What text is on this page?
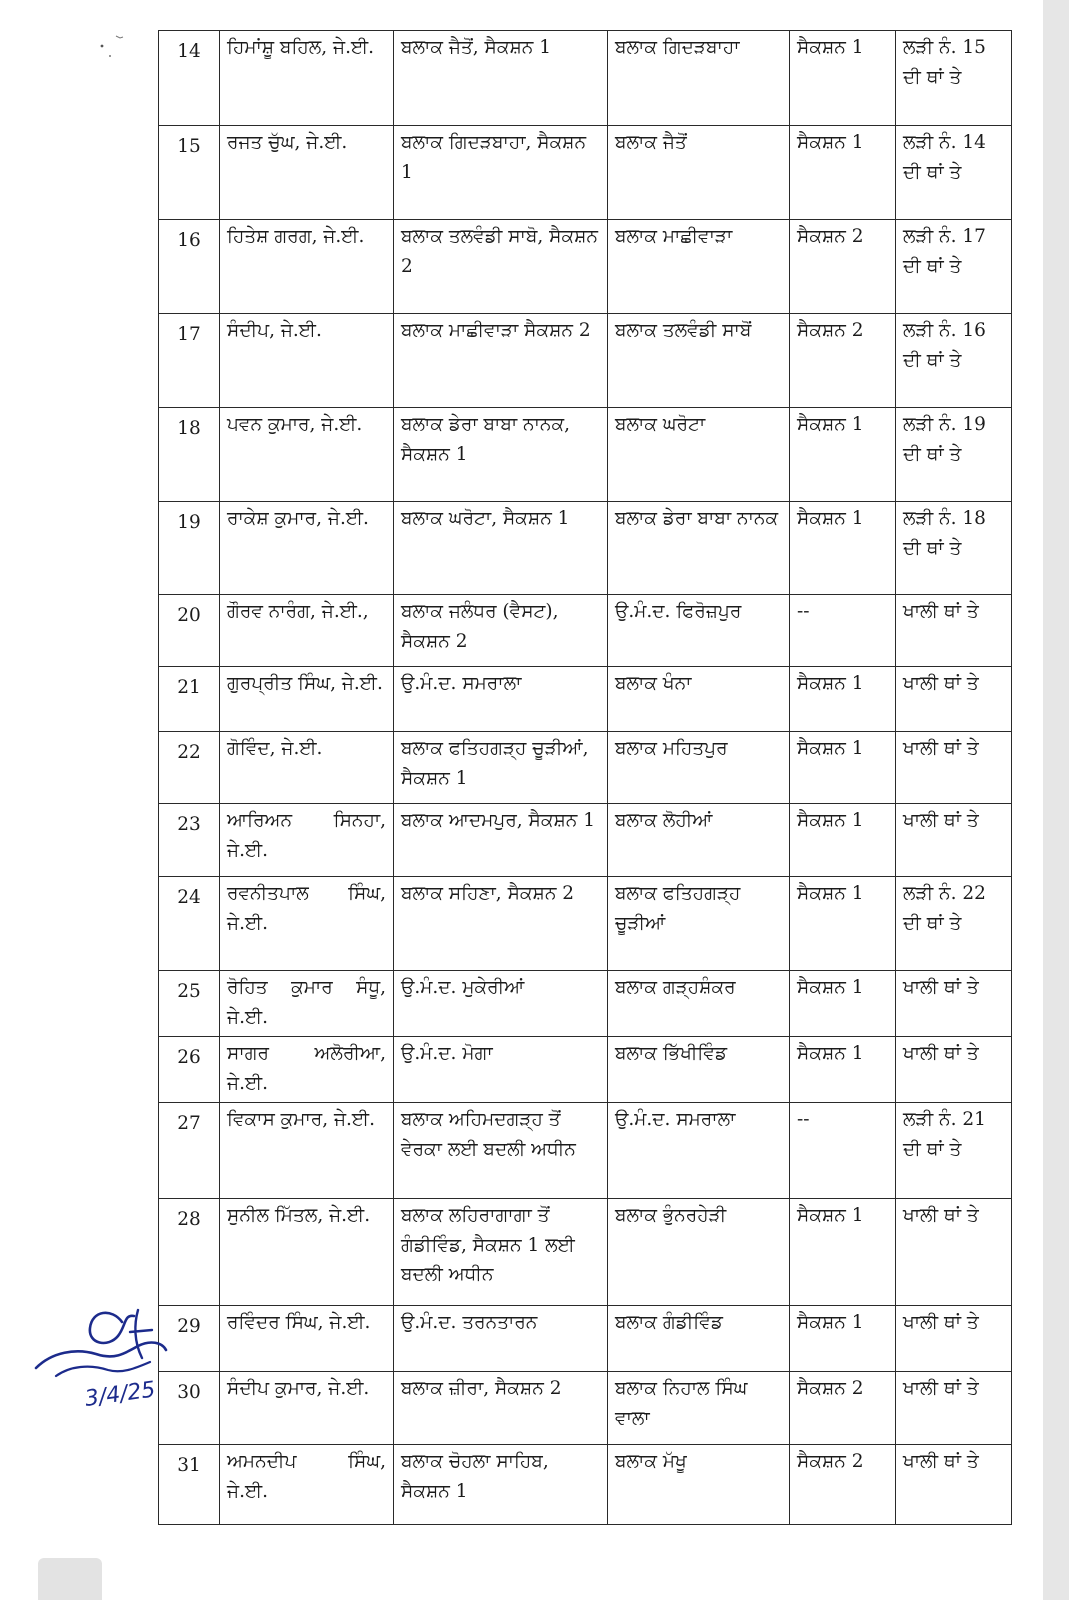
14	ਹਿਮਾਂਸ਼ੂ ਬਹਿਲ, ਜੇ.ਈ.	ਬਲਾਕ ਜੈਤੋਂ, ਸੈਕਸ਼ਨ 1	ਬਲਾਕ ਗਿਦੜਬਾਹਾ	ਸੈਕਸ਼ਨ 1	ਲੜੀ ਨੰ. 15 ਦੀ ਥਾਂ ਤੇ
15	ਰਜਤ ਚੁੱਘ, ਜੇ.ਈ.	ਬਲਾਕ ਗਿਦੜਬਾਹਾ, ਸੈਕਸ਼ਨ 1	ਬਲਾਕ ਜੈਤੋਂ	ਸੈਕਸ਼ਨ 1	ਲੜੀ ਨੰ. 14 ਦੀ ਥਾਂ ਤੇ
16	ਹਿਤੇਸ਼ ਗਰਗ, ਜੇ.ਈ.	ਬਲਾਕ ਤਲਵੰਡੀ ਸਾਬੋ, ਸੈਕਸ਼ਨ 2	ਬਲਾਕ ਮਾਛੀਵਾੜਾ	ਸੈਕਸ਼ਨ 2	ਲੜੀ ਨੰ. 17 ਦੀ ਥਾਂ ਤੇ
17	ਸੰਦੀਪ, ਜੇ.ਈ.	ਬਲਾਕ ਮਾਛੀਵਾੜਾ ਸੈਕਸ਼ਨ 2	ਬਲਾਕ ਤਲਵੰਡੀ ਸਾਬੋਂ	ਸੈਕਸ਼ਨ 2	ਲੜੀ ਨੰ. 16 ਦੀ ਥਾਂ ਤੇ
18	ਪਵਨ ਕੁਮਾਰ, ਜੇ.ਈ.	ਬਲਾਕ ਡੇਰਾ ਬਾਬਾ ਨਾਨਕ, ਸੈਕਸ਼ਨ 1	ਬਲਾਕ ਘਰੋਟਾ	ਸੈਕਸ਼ਨ 1	ਲੜੀ ਨੰ. 19 ਦੀ ਥਾਂ ਤੇ
19	ਰਾਕੇਸ਼ ਕੁਮਾਰ, ਜੇ.ਈ.	ਬਲਾਕ ਘਰੋਟਾ, ਸੈਕਸ਼ਨ 1	ਬਲਾਕ ਡੇਰਾ ਬਾਬਾ ਨਾਨਕ	ਸੈਕਸ਼ਨ 1	ਲੜੀ ਨੰ. 18 ਦੀ ਥਾਂ ਤੇ
20	ਗੌਰਵ ਨਾਰੰਗ, ਜੇ.ਈ.,	ਬਲਾਕ ਜਲੰਧਰ (ਵੈਸਟ), ਸੈਕਸ਼ਨ 2	ਉ.ਮੰ.ਦ. ਫਿਰੋਜ਼ਪੁਰ	--	ਖਾਲੀ ਥਾਂ ਤੇ
21	ਗੁਰਪ੍ਰੀਤ ਸਿੰਘ, ਜੇ.ਈ.	ਉ.ਮੰ.ਦ. ਸਮਰਾਲਾ	ਬਲਾਕ ਖੰਨਾ	ਸੈਕਸ਼ਨ 1	ਖਾਲੀ ਥਾਂ ਤੇ
22	ਗੋਵਿੰਦ, ਜੇ.ਈ.	ਬਲਾਕ ਫਤਿਹਗੜ੍ਹ ਚੂੜੀਆਂ, ਸੈਕਸ਼ਨ 1	ਬਲਾਕ ਮਹਿਤਪੁਰ	ਸੈਕਸ਼ਨ 1	ਖਾਲੀ ਥਾਂ ਤੇ
23	ਆਰਿਅਨ ਸਿਨਹਾ, ਜੇ.ਈ.	ਬਲਾਕ ਆਦਮਪੁਰ, ਸੈਕਸ਼ਨ 1	ਬਲਾਕ ਲੋਹੀਆਂ	ਸੈਕਸ਼ਨ 1	ਖਾਲੀ ਥਾਂ ਤੇ
24	ਰਵਨੀਤਪਾਲ ਸਿੰਘ, ਜੇ.ਈ.	ਬਲਾਕ ਸਹਿਣਾ, ਸੈਕਸ਼ਨ 2	ਬਲਾਕ ਫਤਿਹਗੜ੍ਹ ਚੂੜੀਆਂ	ਸੈਕਸ਼ਨ 1	ਲੜੀ ਨੰ. 22 ਦੀ ਥਾਂ ਤੇ
25	ਰੋਹਿਤ ਕੁਮਾਰ ਸੰਧੂ, ਜੇ.ਈ.	ਉ.ਮੰ.ਦ. ਮੁਕੇਰੀਆਂ	ਬਲਾਕ ਗੜ੍ਹਸ਼ੰਕਰ	ਸੈਕਸ਼ਨ 1	ਖਾਲੀ ਥਾਂ ਤੇ
26	ਸਾਗਰ ਅਲੋਰੀਆ, ਜੇ.ਈ.	ਉ.ਮੰ.ਦ. ਮੋਗਾ	ਬਲਾਕ ਭਿੱਖੀਵਿੰਡ	ਸੈਕਸ਼ਨ 1	ਖਾਲੀ ਥਾਂ ਤੇ
27	ਵਿਕਾਸ ਕੁਮਾਰ, ਜੇ.ਈ.	ਬਲਾਕ ਅਹਿਮਦਗੜ੍ਹ ਤੋਂ ਵੇਰਕਾ ਲਈ ਬਦਲੀ ਅਧੀਨ	ਉ.ਮੰ.ਦ. ਸਮਰਾਲਾ	--	ਲੜੀ ਨੰ. 21 ਦੀ ਥਾਂ ਤੇ
28	ਸੁਨੀਲ ਮਿੱਤਲ, ਜੇ.ਈ.	ਬਲਾਕ ਲਹਿਰਾਗਾਗਾ ਤੋਂ ਗੰਡੀਵਿੰਡ, ਸੈਕਸ਼ਨ 1 ਲਈ ਬਦਲੀ ਅਧੀਨ	ਬਲਾਕ ਭੁੰਨਰਹੇੜੀ	ਸੈਕਸ਼ਨ 1	ਖਾਲੀ ਥਾਂ ਤੇ
29	ਰਵਿੰਦਰ ਸਿੰਘ, ਜੇ.ਈ.	ਉ.ਮੰ.ਦ. ਤਰਨਤਾਰਨ	ਬਲਾਕ ਗੰਡੀਵਿੰਡ	ਸੈਕਸ਼ਨ 1	ਖਾਲੀ ਥਾਂ ਤੇ
30	ਸੰਦੀਪ ਕੁਮਾਰ, ਜੇ.ਈ.	ਬਲਾਕ ਜ਼ੀਰਾ, ਸੈਕਸ਼ਨ 2	ਬਲਾਕ ਨਿਹਾਲ ਸਿੰਘ ਵਾਲਾ	ਸੈਕਸ਼ਨ 2	ਖਾਲੀ ਥਾਂ ਤੇ
31	ਅਮਨਦੀਪ ਸਿੰਘ, ਜੇ.ਈ.	ਬਲਾਕ ਚੋਹਲਾ ਸਾਹਿਬ, ਸੈਕਸ਼ਨ 1	ਬਲਾਕ ਮੱਖੂ	ਸੈਕਸ਼ਨ 2	ਖਾਲੀ ਥਾਂ ਤੇ
3/4/25
